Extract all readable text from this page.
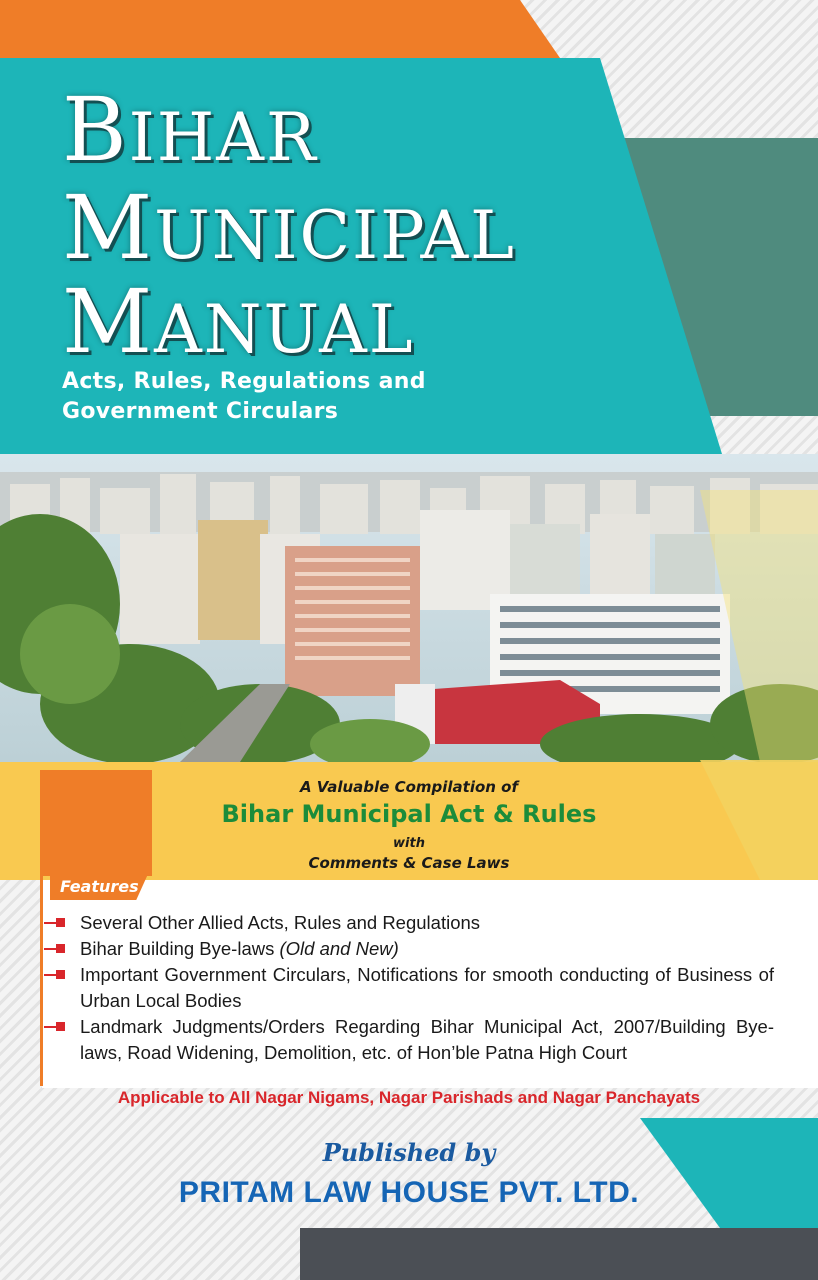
BIHAR
MUNICIPAL
MANUAL

Acts, Rules, Regulations and
Government Circulars

A Valuable Compilation of

Bihar Municipal Act & Rules

with

Comments & Case Laws

Features

Several Other Allied Acts, Rules and Regulations
Bihar Building Bye-laws (Old and New)
Important Government Circulars, Notifications for smooth conducting of Business of Urban Local Bodies
Landmark Judgments/Orders Regarding Bihar Municipal Act, 2007/Building Bye-laws, Road Widening, Demolition, etc. of Hon’ble Patna High Court

Applicable to All Nagar Nigams, Nagar Parishads and Nagar Panchayats

Published by

PRITAM LAW HOUSE PVT. LTD.
